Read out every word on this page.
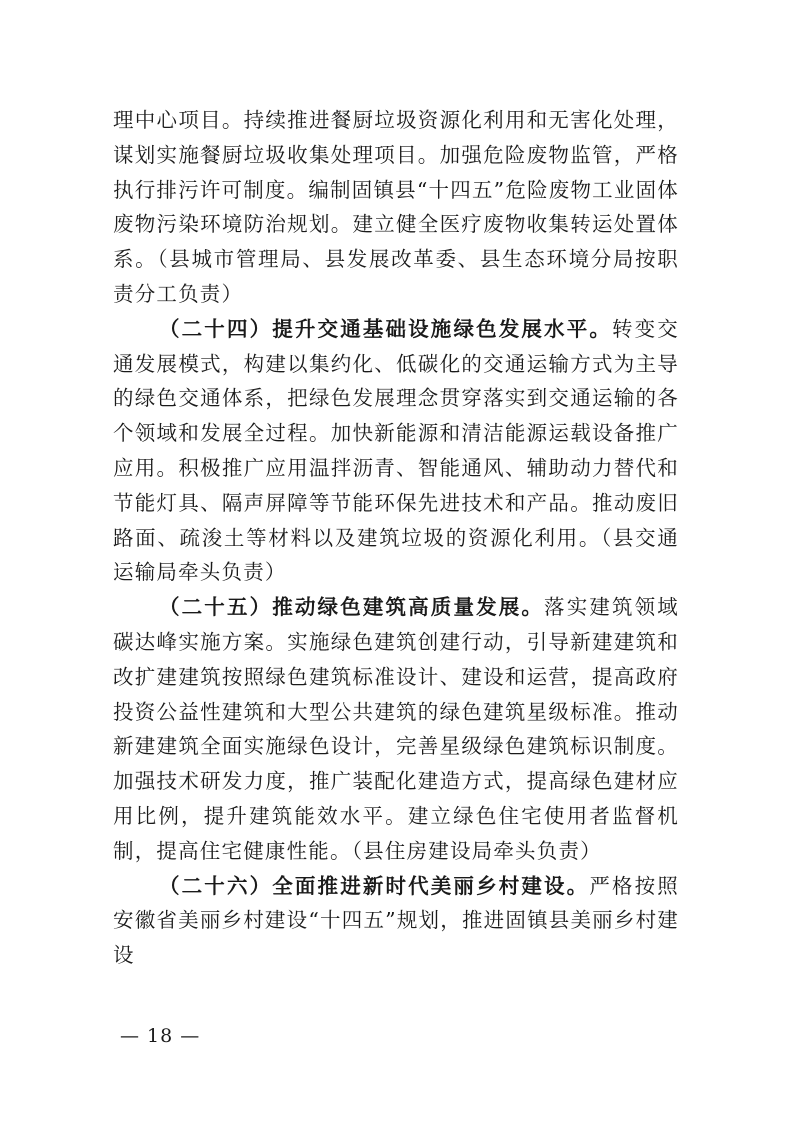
理中心项目。持续推进餐厨垃圾资源化利用和无害化处理，谋划实施餐厨垃圾收集处理项目。加强危险废物监管，严格执行排污许可制度。编制固镇县“十四五”危险废物工业固体废物污染环境防治规划。建立健全医疗废物收集转运处置体系。（县城市管理局、县发展改革委、县生态环境分局按职责分工负责）

（二十四）提升交通基础设施绿色发展水平。转变交通发展模式，构建以集约化、低碳化的交通运输方式为主导的绿色交通体系，把绿色发展理念贯穿落实到交通运输的各个领域和发展全过程。加快新能源和清洁能源运载设备推广应用。积极推广应用温拌沥青、智能通风、辅助动力替代和节能灯具、隔声屏障等节能环保先进技术和产品。推动废旧路面、疏浚土等材料以及建筑垃圾的资源化利用。（县交通运输局牵头负责）

（二十五）推动绿色建筑高质量发展。落实建筑领域碳达峰实施方案。实施绿色建筑创建行动，引导新建建筑和改扩建建筑按照绿色建筑标准设计、建设和运营，提高政府投资公益性建筑和大型公共建筑的绿色建筑星级标准。推动新建建筑全面实施绿色设计，完善星级绿色建筑标识制度。加强技术研发力度，推广装配化建造方式，提高绿色建材应用比例，提升建筑能效水平。建立绿色住宅使用者监督机制，提高住宅健康性能。（县住房建设局牵头负责）

（二十六）全面推进新时代美丽乡村建设。严格按照安徽省美丽乡村建设“十四五”规划，推进固镇县美丽乡村建设

— 18 —
